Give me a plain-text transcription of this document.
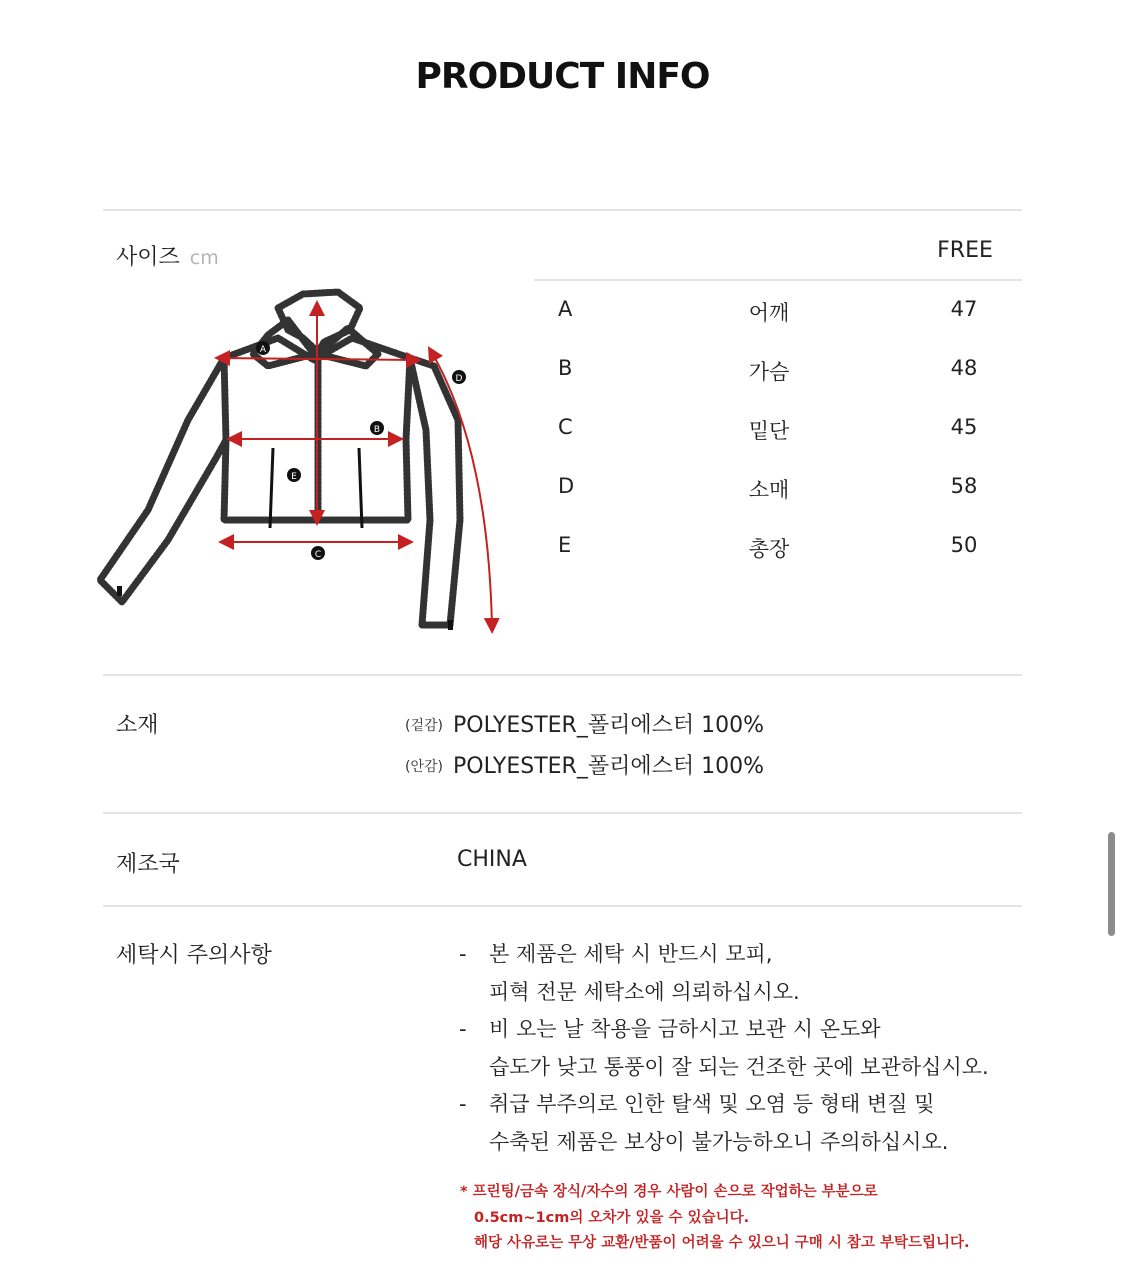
PRODUCT INFO
사이즈 cm	FREE
A	어깨	47
B	가슴	48
C	밑단	45
D	소매	58
E	총장	50
A
B
C
D
E
소재	(겉감) POLYESTER_폴리에스터 100%
(안감) POLYESTER_폴리에스터 100%
제조국	CHINA
세탁시 주의사항	- 본 제품은 세탁 시 반드시 모피,
피혁 전문 세탁소에 의뢰하십시오.
- 비 오는 날 착용을 금하시고 보관 시 온도와
습도가 낮고 통풍이 잘 되는 건조한 곳에 보관하십시오.
- 취급 부주의로 인한 탈색 및 오염 등 형태 변질 및
수축된 제품은 보상이 불가능하오니 주의하십시오.
* 프린팅/금속 장식/자수의 경우 사람이 손으로 작업하는 부분으로
0.5cm~1cm의 오차가 있을 수 있습니다.
해당 사유로는 무상 교환/반품이 어려울 수 있으니 구매 시 참고 부탁드립니다.
